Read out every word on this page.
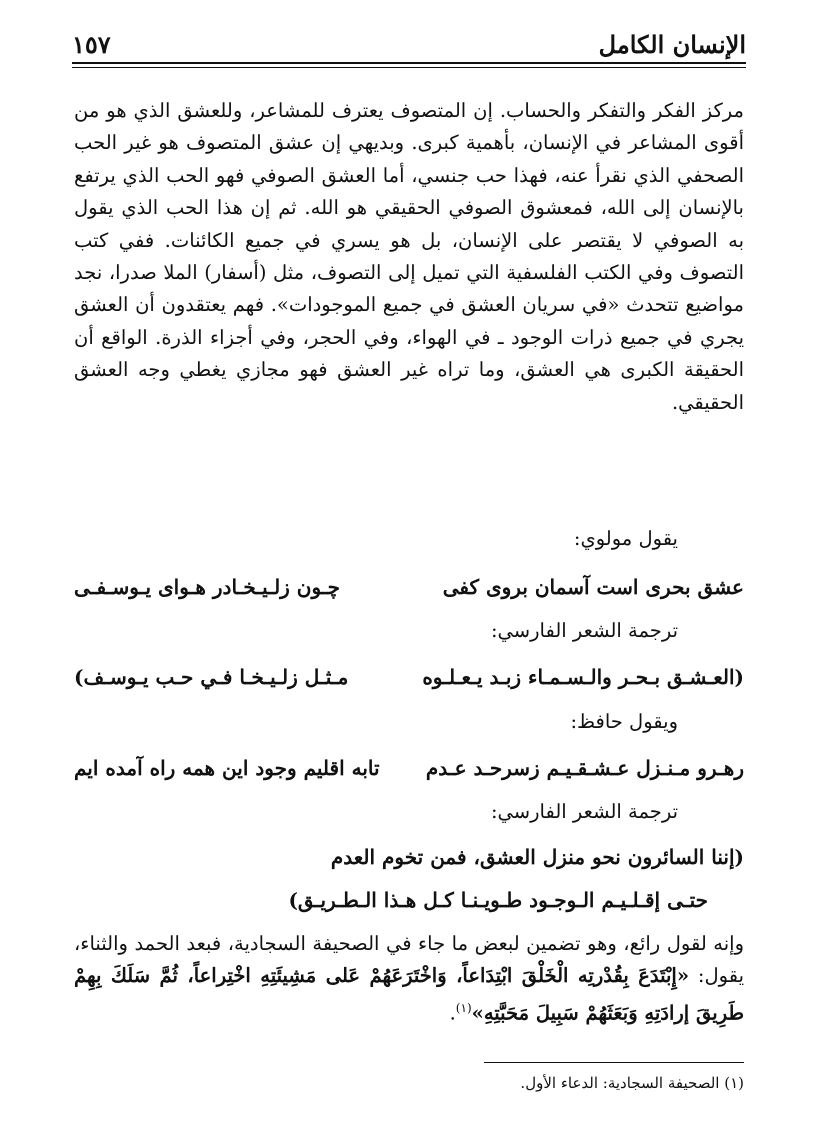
الإنسان الكامل
١٥٧

مركز الفكر والتفكر والحساب. إن المتصوف يعترف للمشاعر، وللعشق الذي هو من أقوى المشاعر في الإنسان، بأهمية كبرى. وبديهي إن عشق المتصوف هو غير الحب الصحفي الذي نقرأ عنه، فهذا حب جنسي، أما العشق الصوفي فهو الحب الذي يرتفع بالإنسان إلى الله، فمعشوق الصوفي الحقيقي هو الله. ثم إن هذا الحب الذي يقول به الصوفي لا يقتصر على الإنسان، بل هو يسري في جميع الكائنات. ففي كتب التصوف وفي الكتب الفلسفية التي تميل إلى التصوف، مثل (أسفار) الملا صدرا، نجد مواضيع تتحدث «في سريان العشق في جميع الموجودات». فهم يعتقدون أن العشق يجري في جميع ذرات الوجود ـ في الهواء، وفي الحجر، وفي أجزاء الذرة. الواقع أن الحقيقة الكبرى هي العشق، وما تراه غير العشق فهو مجازي يغطي وجه العشق الحقيقي.

يقول مولوي:
عشق بحرى است آسمان بروى كفى
چـون زلـيـخـادر هـواى يـوسـفـى
ترجمة الشعر الفارسي:
(العـشـق بـحـر والـسـمـاء زبـد يـعـلـوه
مـثـل زلـيـخـا فـي حـب يـوسـف)
ويقول حافظ:
رهـرو مـنـزل عـشـقـيـم زسرحـد عـدم
تابه اقليم وجود اين همه راه آمده ايم
ترجمة الشعر الفارسي:
(إننا السائرون نحو منزل العشق، فمن تخوم العدم
حتـى إقـلـيـم الـوجـود طـويـنـا كـل هـذا الـطـريـق)
وإنه لقول رائع، وهو تضمين لبعض ما جاء في الصحيفة السجادية، فبعد الحمد والثناء، يقول: «إِبْتَدَعَ بِقُدْرتِه الْخَلْقَ ابْتِدَاعاً، وَاخْتَرَعَهُمْ عَلى مَشِيئَتِهِ اخْتِراعاً، ثُمَّ سَلَكَ بِهِمْ طَرِيقَ إرادَتِهِ وَبَعَثَهُمْ سَبِيلَ مَحَبَّتِهِ»$^{(١)}$.
(١) الصحيفة السجادية: الدعاء الأول.
